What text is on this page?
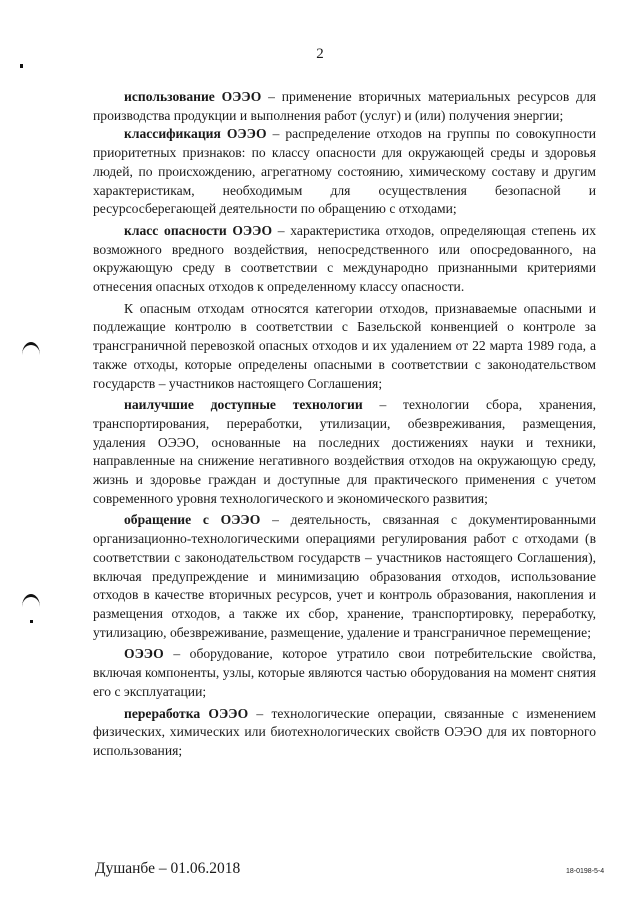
2

использование ОЭЭО – применение вторичных материальных ресурсов для производства продукции и выполнения работ (услуг) и (или) получения энергии;

классификация ОЭЭО – распределение отходов на группы по совокупности приоритетных признаков: по классу опасности для окружающей среды и здоровья людей, по происхождению, агрегатному состоянию, химическому составу и другим характеристикам, необходимым для осуществления безопасной и ресурсосберегающей деятельности по обращению с отходами;

класс опасности ОЭЭО – характеристика отходов, определяющая степень их возможного вредного воздействия, непосредственного или опосредованного, на окружающую среду в соответствии с международно признанными критериями отнесения опасных отходов к определенному классу опасности.

К опасным отходам относятся категории отходов, признаваемые опасными и подлежащие контролю в соответствии с Базельской конвенцией о контроле за трансграничной перевозкой опасных отходов и их удалением от 22 марта 1989 года, а также отходы, которые определены опасными в соответствии с законодательством государств – участников настоящего Соглашения;

наилучшие доступные технологии – технологии сбора, хранения, транспортирования, переработки, утилизации, обезвреживания, размещения, удаления ОЭЭО, основанные на последних достижениях науки и техники, направленные на снижение негативного воздействия отходов на окружающую среду, жизнь и здоровье граждан и доступные для практического применения с учетом современного уровня технологического и экономического развития;

обращение с ОЭЭО – деятельность, связанная с документированными организационно-технологическими операциями регулирования работ с отходами (в соответствии с законодательством государств – участников настоящего Соглашения), включая предупреждение и минимизацию образования отходов, использование отходов в качестве вторичных ресурсов, учет и контроль образования, накопления и размещения отходов, а также их сбор, хранение, транспортировку, переработку, утилизацию, обезвреживание, размещение, удаление и трансграничное перемещение;

ОЭЭО – оборудование, которое утратило свои потребительские свойства, включая компоненты, узлы, которые являются частью оборудования на момент снятия его с эксплуатации;

переработка ОЭЭО – технологические операции, связанные с изменением физических, химических или биотехнологических свойств ОЭЭО для их повторного использования;

Душанбе – 01.06.2018	18-0198-5-4
